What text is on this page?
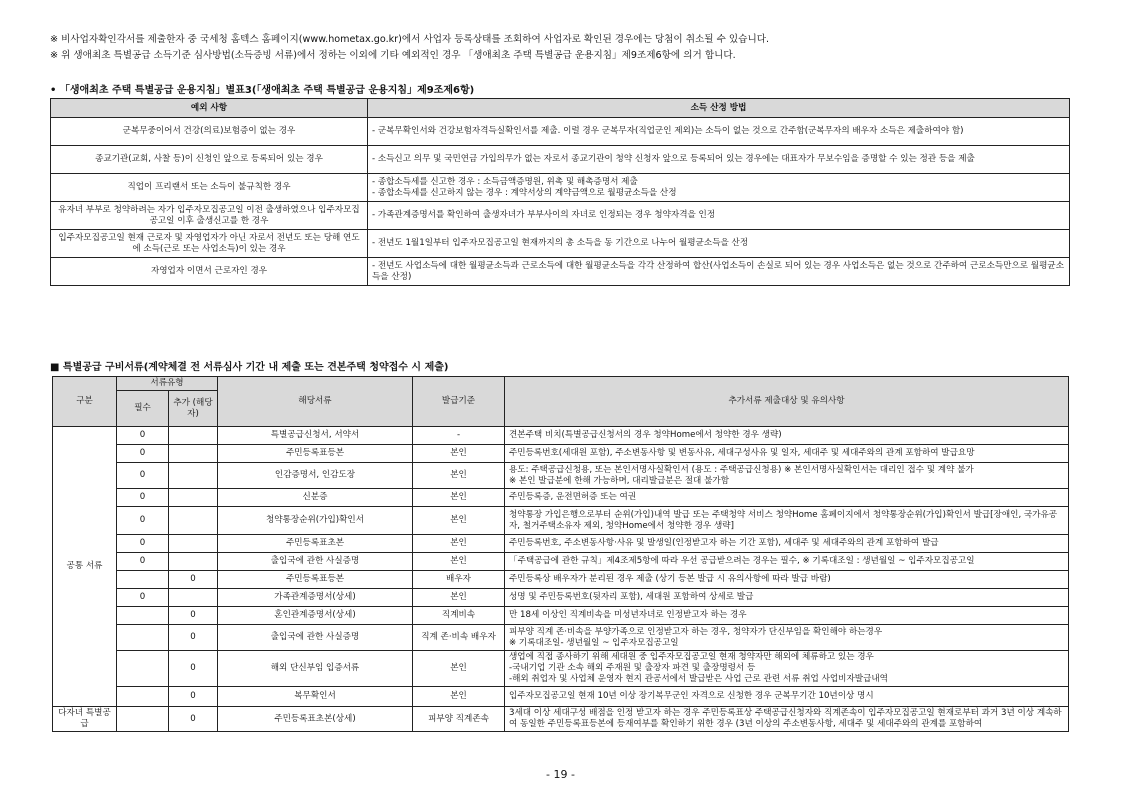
※ 비사업자확인각서를 제출한자 중 국세청 홈텍스 홈페이지(www.hometax.go.kr)에서 사업자 등록상태를 조회하여 사업자로 확인된 경우에는 당첨이 취소될 수 있습니다.
※ 위 생애최초 특별공급 소득기준 심사방법(소득증빙 서류)에서 정하는 이외에 기타 예외적인 경우 「생애최초 주택 특별공급 운용지침」제9조제6항에 의거 합니다.
• 「생애최초 주택 특별공급 운용지침」별표3(「생애최초 주택 특별공급 운용지침」제9조제6항)
예외 사항	소득 산정 방법
군복무중이어서 건강(의료)보험증이 없는 경우	- 군복무확인서와 건강보험자격득실확인서를 제출. 이럴 경우 군복무자(직업군인 제외)는 소득이 없는 것으로 간주함(군복무자의 배우자 소득은 제출하여야 함)
종교기관(교회, 사찰 등)이 신청인 앞으로 등록되어 있는 경우	- 소득신고 의무 및 국민연금 가입의무가 없는 자로서 종교기관이 청약 신청자 앞으로 등록되어 있는 경우에는 대표자가 무보수임을 증명할 수 있는 정관 등을 제출
직업이 프리랜서 또는 소득이 불규칙한 경우	- 종합소득세를 신고한 경우 : 소득금액증명원, 위촉 및 해촉증명서 제출
- 종합소득세를 신고하지 않는 경우 : 계약서상의 계약금액으로 월평균소득을 산정

유자녀 부부로 청약하려는 자가 입주자모집공고일 이전 출생하였으나 입주자모집공고일 이후 출생신고를 한 경우	- 가족관계증명서를 확인하여 출생자녀가 부부사이의 자녀로 인정되는 경우 청약자격을 인정
입주자모집공고일 현재 근로자 및 자영업자가 아닌 자로서 전년도 또는 당해 연도에 소득(근로 또는 사업소득)이 있는 경우	- 전년도 1월1일부터 입주자모집공고일 현재까지의 총 소득을 동 기간으로 나누어 월평균소득을 산정
자영업자 이면서 근로자인 경우	- 전년도 사업소득에 대한 월평균소득과 근로소득에 대한 월평균소득을 각각 산정하여 합산(사업소득이 손실로 되어 있는 경우 사업소득은 없는 것으로 간주하여 근로소득만으로 월평균소득을 산정)
■ 특별공급 구비서류(계약체결 전 서류심사 기간 내 제출 또는 견본주택 청약접수 시 제출)
구분	서류유형		해당서류	발급기준	추가서류 제출대상 및 유의사항
	필수	추가 (해당자)			
공통 서류	0		특별공급신청서, 서약서	-	견본주택 비치(특별공급신청서의 경우 청약Home에서 청약한 경우 생략)
	0		주민등록표등본	본인	주민등록번호(세대원 포함), 주소변동사항 및 변동사유, 세대구성사유 및 일자, 세대주 및 세대주와의 관계 포함하여 발급요망
	0		인감증명서, 인감도장	본인	용도: 주택공급신청용, 또는 본인서명사실확인서 (용도 : 주택공급신청용) ※ 본인서명사실확인서는 대리인 접수 및 계약 불가
※ 본인 발급분에 한해 가능하며, 대리발급분은 절대 불가함

	0		신분증	본인	주민등록증, 운전면허증 또는 여권
	0		청약통장순위(가입)확인서	본인	청약통장 가입은행으로부터 순위(가입)내역 발급 또는 주택청약 서비스 청약Home 홈페이지에서 청약통장순위(가입)확인서 발급[장애인, 국가유공자, 철거주택소유자 제외, 청약Home에서 청약한 경우 생략]
	0		주민등록표초본	본인	주민등록번호, 주소변동사항·사유 및 발생일(인정받고자 하는 기간 포함), 세대주 및 세대주와의 관계 포함하여 발급
	0		출입국에 관한 사실증명	본인	「주택공급에 관한 규칙」제4조제5항에 따라 우선 공급받으려는 경우는 필수, ※ 기록대조일 : 생년월일 ~ 입주자모집공고일
		0	주민등록표등본	배우자	주민등록상 배우자가 분리된 경우 제출 (상기 등본 발급 시 유의사항에 따라 발급 바람)
	0		가족관계증명서(상세)	본인	성명 및 주민등록번호(뒷자리 포함), 세대원 포함하여 상세로 발급
		0	혼인관계증명서(상세)	직계비속	만 18세 이상인 직계비속을 미성년자녀로 인정받고자 하는 경우
		0	출입국에 관한 사실증명	직계 존·비속 배우자	피부양 직계 존·비속을 부양가족으로 인정받고자 하는 경우, 청약자가 단신부임을 확인해야 하는경우
※ 기록대조일- 생년월일 ~ 입주자모집공고일

		0	해외 단신부임 입증서류	본인	생업에 직접 종사하기 위해 세대원 중 입주자모집공고일 현재 청약자만 해외에 체류하고 있는 경우
-국내기업 기관 소속 해외 주재원 및 출장자 파견 및 출장명령서 등
-해외 취업자 및 사업체 운영자 현지 관공서에서 발급받은 사업 근로 관련 서류 취업 사업비자발급내역

		0	복무확인서	본인	입주자모집공고일 현재 10년 이상 장기복무군인 자격으로 신청한 경우 군복무기간 10년이상 명시
다자녀 특별공급		0	주민등록표초본(상세)	피부양 직계존속	3세대 이상 세대구성 배점을 인정 받고자 하는 경우 주민등록표상 주택공급신청자와 직계존속이 입주자모집공고일 현재로부터 과거 3년 이상 계속하여 동일한 주민등록표등본에 등재여부를 확인하기 위한 경우 (3년 이상의 주소변동사항, 세대주 및 세대주와의 관계를 포함하여
- 19 -
